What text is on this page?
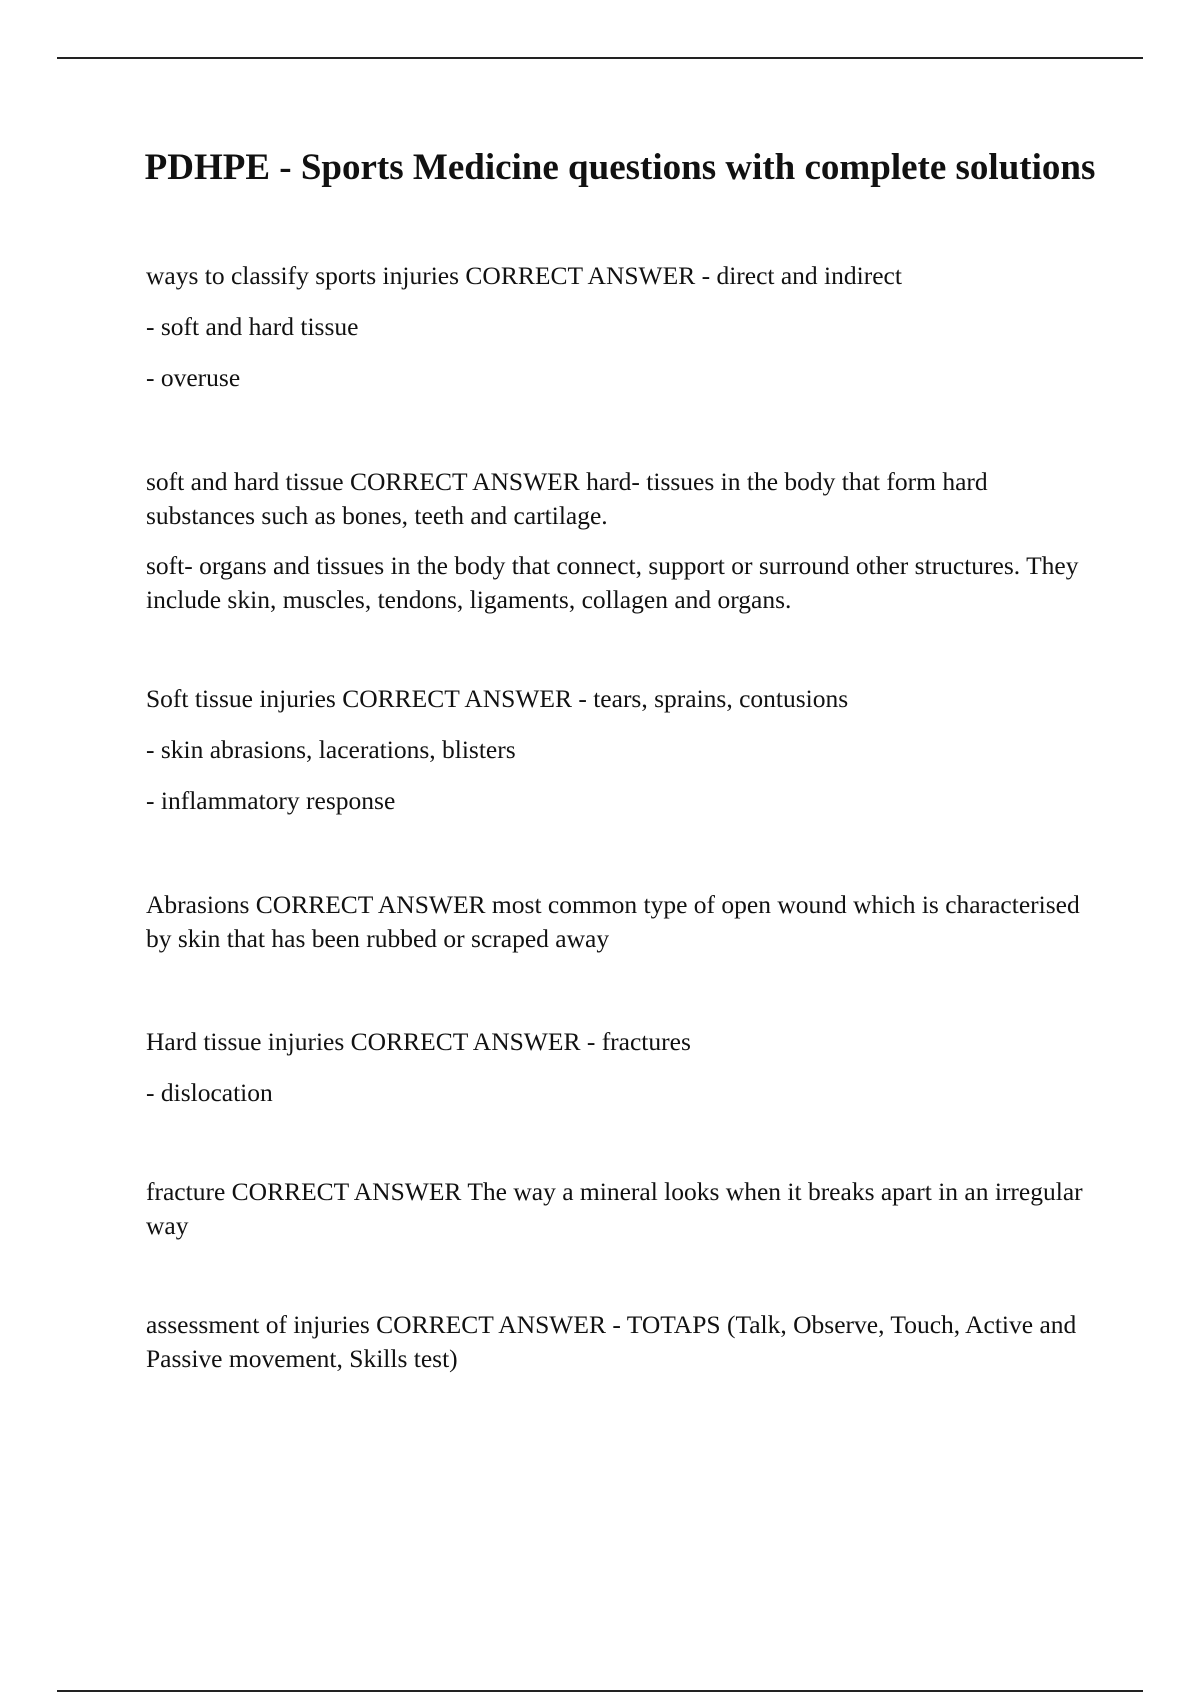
PDHPE - Sports Medicine questions with complete solutions

ways to classify sports injuries CORRECT ANSWER - direct and indirect

- soft and hard tissue

- overuse

soft and hard tissue CORRECT ANSWER hard- tissues in the body that form hard substances such as bones, teeth and cartilage.

soft- organs and tissues in the body that connect, support or surround other structures. They include skin, muscles, tendons, ligaments, collagen and organs.

Soft tissue injuries CORRECT ANSWER - tears, sprains, contusions

- skin abrasions, lacerations, blisters

- inflammatory response

Abrasions CORRECT ANSWER most common type of open wound which is characterised by skin that has been rubbed or scraped away

Hard tissue injuries CORRECT ANSWER - fractures

- dislocation

fracture CORRECT ANSWER The way a mineral looks when it breaks apart in an irregular way

assessment of injuries CORRECT ANSWER - TOTAPS (Talk, Observe, Touch, Active and Passive movement, Skills test)
